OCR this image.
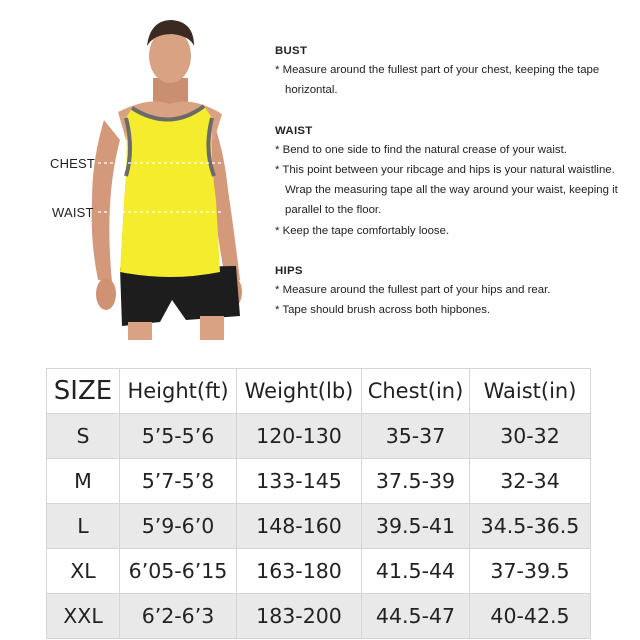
CHEST
WAIST
BUST
* Measure around the fullest part of your chest, keeping the tape horizontal.
WAIST
* Bend to one side to find the natural crease of your waist.
* This point between your ribcage and hips is your natural waistline. Wrap the measuring tape all the way around your waist, keeping it parallel to the floor.
* Keep the tape comfortably loose.
HIPS
* Measure around the fullest part of your hips and rear.
* Tape should brush across both hipbones.
SIZE	Height(ft)	Weight(lb)	Chest(in)	Waist(in)
S	5’5-5’6	120-130	35-37	30-32
M	5’7-5’8	133-145	37.5-39	32-34
L	5’9-6’0	148-160	39.5-41	34.5-36.5
XL	6’05-6’15	163-180	41.5-44	37-39.5
XXL	6’2-6’3	183-200	44.5-47	40-42.5
